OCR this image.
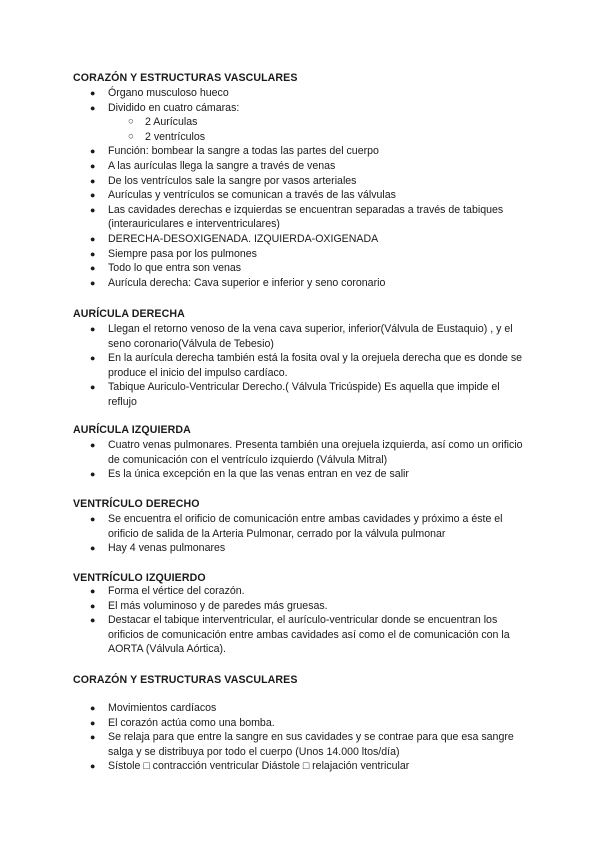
CORAZÓN Y ESTRUCTURAS VASCULARES
● Órgano musculoso hueco
● Dividido en cuatro cámaras:
○ 2 Aurículas
○ 2 ventrículos
● Función: bombear la sangre a todas las partes del cuerpo
● A las aurículas llega la sangre a través de venas
● De los ventrículos sale la sangre por vasos arteriales
● Aurículas y ventrículos se comunican a través de las válvulas
● Las cavidades derechas e izquierdas se encuentran separadas a través de tabiques (interauriculares e interventriculares)
● DERECHA-DESOXIGENADA. IZQUIERDA-OXIGENADA
● Siempre pasa por los pulmones
● Todo lo que entra son venas
● Aurícula derecha: Cava superior e inferior y seno coronario
AURÍCULA DERECHA
● Llegan el retorno venoso de la vena cava superior, inferior(Válvula de Eustaquio) , y el seno coronario(Válvula de Tebesio)
● En la aurícula derecha también está la fosita oval y la orejuela derecha que es donde se produce el inicio del impulso cardíaco.
● Tabique Auriculo-Ventricular Derecho.( Válvula Tricúspide) Es aquella que impide el reflujo
AURÍCULA IZQUIERDA
● Cuatro venas pulmonares. Presenta también una orejuela izquierda, así como un orificio de comunicación con el ventrículo izquierdo (Válvula Mitral)
● Es la única excepción en la que las venas entran en vez de salir
VENTRÍCULO DERECHO
● Se encuentra el orificio de comunicación entre ambas cavidades y próximo a éste el orificio de salida de la Arteria Pulmonar, cerrado por la válvula pulmonar
● Hay 4 venas pulmonares
VENTRÍCULO IZQUIERDO
● Forma el vértice del corazón.
● El más voluminoso y de paredes más gruesas.
● Destacar el tabique interventricular, el aurículo-ventricular donde se encuentran los orificios de comunicación entre ambas cavidades así como el de comunicación con la AORTA (Válvula Aórtica).
CORAZÓN Y ESTRUCTURAS VASCULARES
● Movimientos cardíacos
● El corazón actúa como una bomba.
● Se relaja para que entre la sangre en sus cavidades y se contrae para que esa sangre salga y se distribuya por todo el cuerpo (Unos 14.000 ltos/día)
● Sístole □ contracción ventricular Diástole □ relajación ventricular
